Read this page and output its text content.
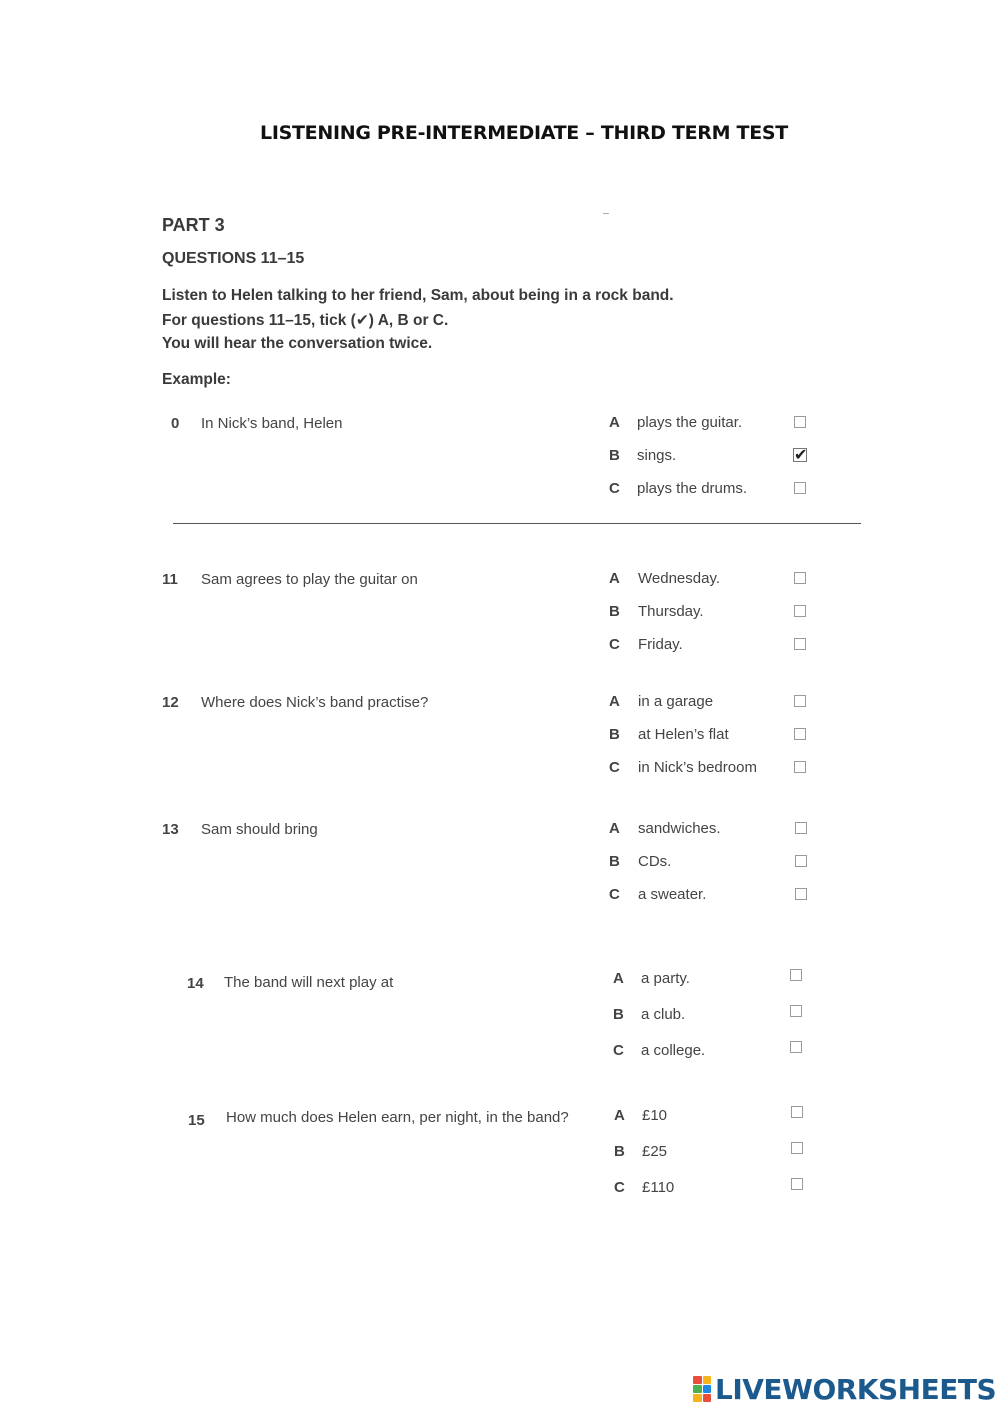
LISTENING PRE-INTERMEDIATE – THIRD TERM TEST
PART 3
QUESTIONS 11–15
Listen to Helen talking to her friend, Sam, about being in a rock band.
For questions 11–15, tick (✔) A, B or C.
You will hear the conversation twice.
Example:
0 In Nick’s band, Helen	A plays the guitar.
B sings.	✔
C plays the drums.
11 Sam agrees to play the guitar on	A Wednesday.
B Thursday.
C Friday.
12 Where does Nick’s band practise?	A in a garage
B at Helen’s flat
C in Nick’s bedroom
13 Sam should bring	A sandwiches.
B CDs.
C a sweater.
14 The band will next play at	A a party.
B a club.
C a college.
15 How much does Helen earn, per night, in the band?	A £10
B £25
C £110
LIVEWORKSHEETS
